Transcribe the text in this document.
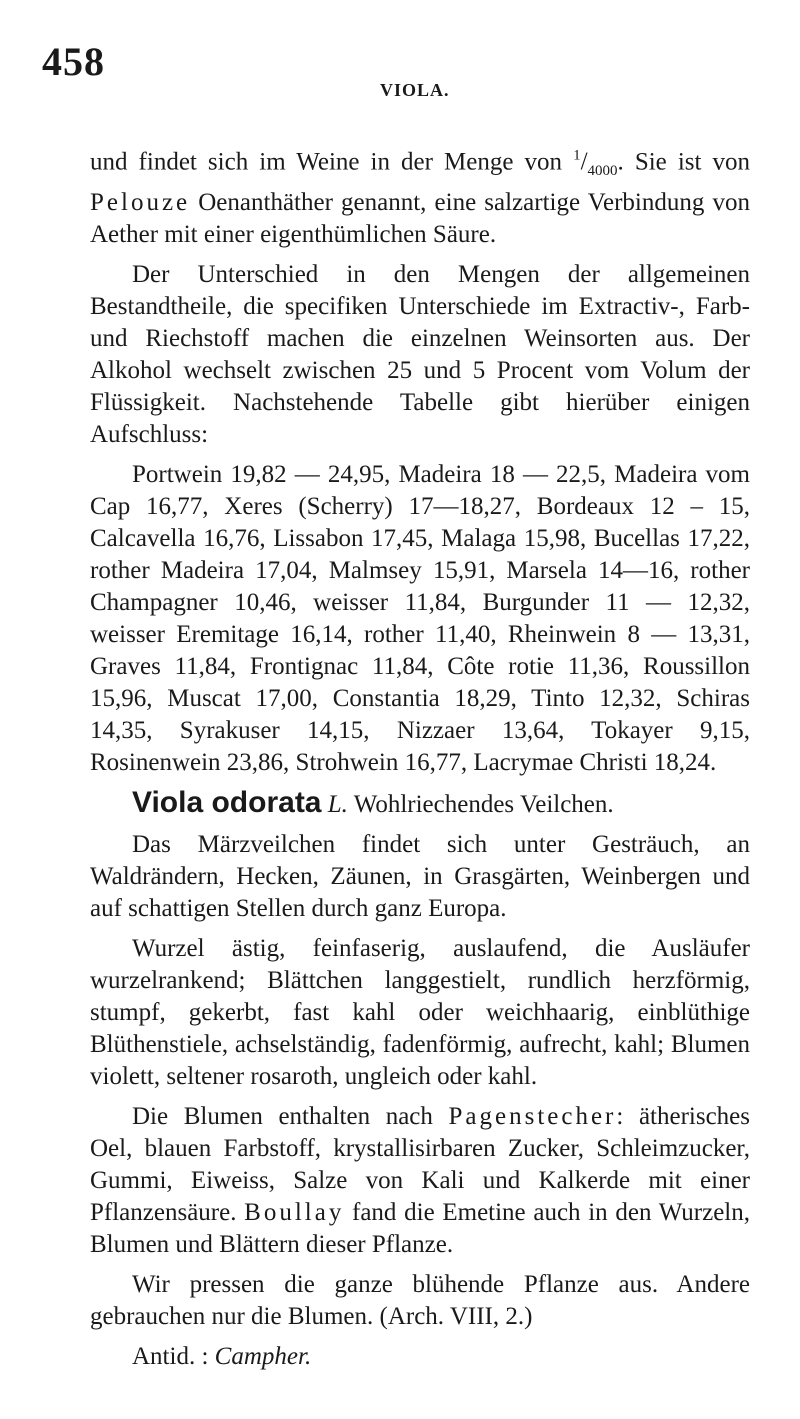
458
VIOLA.

und findet sich im Weine in der Menge von $^1/_{4000}$. Sie ist von Pelouze Oenanthäther genannt, eine salzartige Verbindung von Aether mit einer eigenthümlichen Säure.

Der Unterschied in den Mengen der allgemeinen Bestandtheile, die specifiken Unterschiede im Extractiv-, Farb- und Riechstoff machen die einzelnen Weinsorten aus. Der Alkohol wechselt zwischen 25 und 5 Procent vom Volum der Flüssigkeit. Nachstehende Tabelle gibt hierüber einigen Aufschluss:

Portwein 19,82 — 24,95, Madeira 18 — 22,5, Madeira vom Cap 16,77, Xeres (Scherry) 17—18,27, Bordeaux 12 – 15, Calcavella 16,76, Lissabon 17,45, Malaga 15,98, Bucellas 17,22, rother Madeira 17,04, Malmsey 15,91, Marsela 14—16, rother Champagner 10,46, weisser 11,84, Burgunder 11 — 12,32, weisser Eremitage 16,14, rother 11,40, Rheinwein 8 — 13,31, Graves 11,84, Frontignac 11,84, Côte rotie 11,36, Roussillon 15,96, Muscat 17,00, Constantia 18,29, Tinto 12,32, Schiras 14,35, Syrakuser 14,15, Nizzaer 13,64, Tokayer 9,15, Rosinenwein 23,86, Strohwein 16,77, Lacrymae Christi 18,24.

Viola odorata L. Wohlriechendes Veilchen.

Das Märzveilchen findet sich unter Gesträuch, an Waldrändern, Hecken, Zäunen, in Grasgärten, Weinbergen und auf schattigen Stellen durch ganz Europa.

Wurzel ästig, feinfaserig, auslaufend, die Ausläufer wurzelrankend; Blättchen langgestielt, rundlich herzförmig, stumpf, gekerbt, fast kahl oder weichhaarig, einblüthige Blüthenstiele, achselständig, fadenförmig, aufrecht, kahl; Blumen violett, seltener rosaroth, ungleich oder kahl.

Die Blumen enthalten nach Pagenstecher: ätherisches Oel, blauen Farbstoff, krystallisirbaren Zucker, Schleimzucker, Gummi, Eiweiss, Salze von Kali und Kalkerde mit einer Pflanzensäure. Boullay fand die Emetine auch in den Wurzeln, Blumen und Blättern dieser Pflanze.

Wir pressen die ganze blühende Pflanze aus. Andere gebrauchen nur die Blumen. (Arch. VIII, 2.)

Antid. : Campher.
